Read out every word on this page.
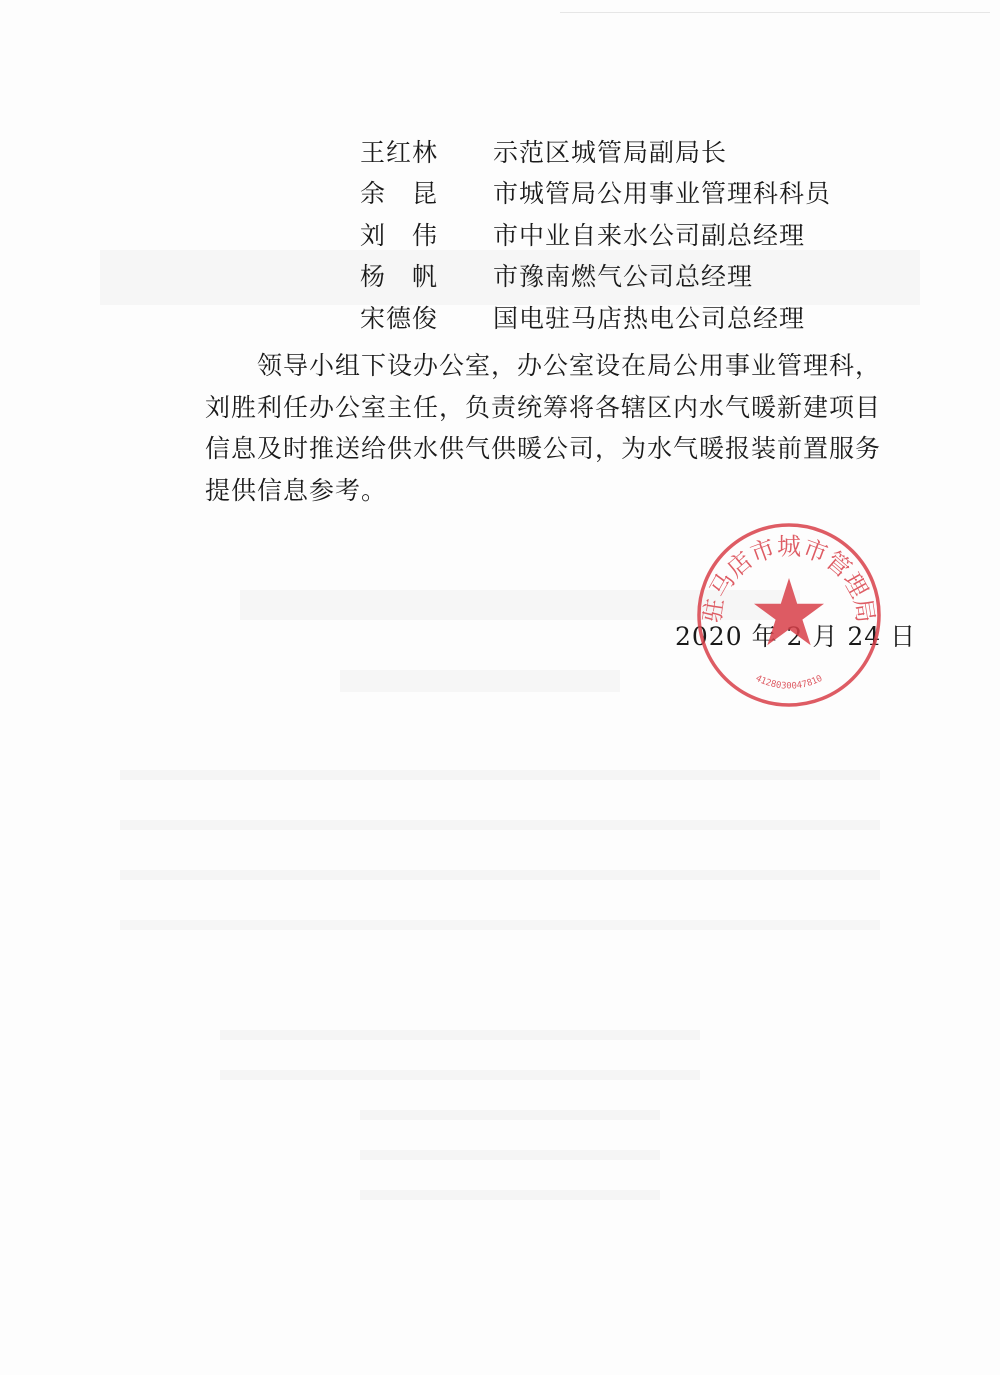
王红林	示范区城管局副局长
余　昆	市城管局公用事业管理科科员
刘　伟	市中业自来水公司副总经理
杨　帆	市豫南燃气公司总经理
宋德俊	国电驻马店热电公司总经理
领导小组下设办公室，办公室设在局公用事业管理科，
刘胜利任办公室主任，负责统筹将各辖区内水气暖新建项目
信息及时推送给供水供气供暖公司，为水气暖报装前置服务
提供信息参考。
2020 年 2 月 24 日
驻马店市城市管理局
4128030047810
